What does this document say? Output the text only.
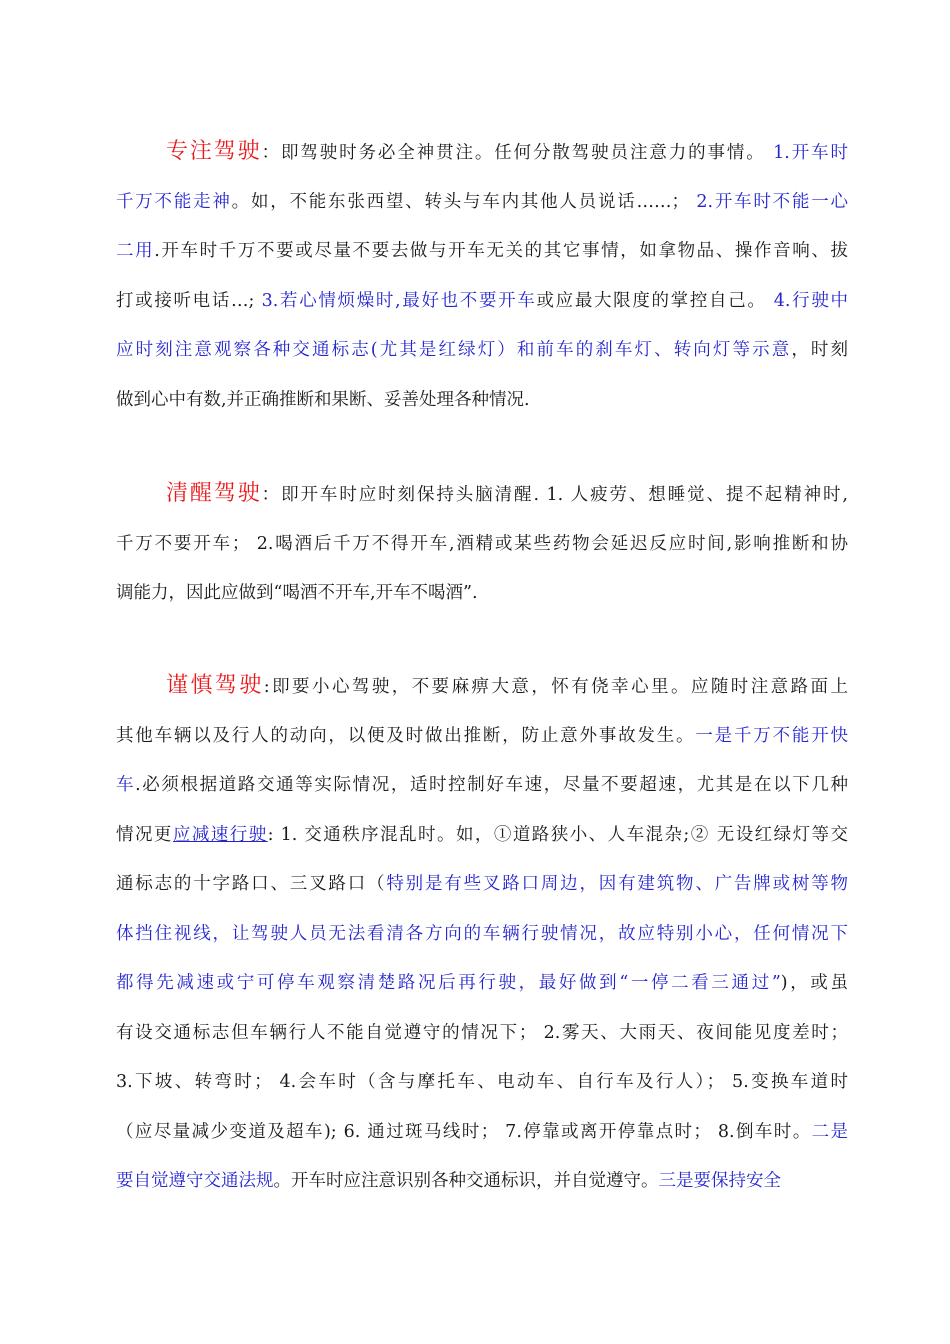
专注驾驶：即驾驶时务必全神贯注。任何分散驾驶员注意力的事情。 1.开车时
千万不能走神。如，不能东张西望、转头与车内其他人员说话……； 2.开车时不能一心
二用.开车时千万不要或尽量不要去做与开车无关的其它事情，如拿物品、操作音响、拔
打或接听电话…; 3.若心情烦燥时,最好也不要开车或应最大限度的掌控自己。 4.行驶中
应时刻注意观察各种交通标志(尤其是红绿灯）和前车的刹车灯、转向灯等示意，时刻
做到心中有数,并正确推断和果断、妥善处理各种情况.
清醒驾驶：即开车时应时刻保持头脑清醒. 1. 人疲劳、想睡觉、提不起精神时,
千万不要开车； 2.喝酒后千万不得开车,酒精或某些药物会延迟反应时间,影响推断和协
调能力，因此应做到“喝酒不开车,开车不喝酒”.
谨慎驾驶:即要小心驾驶，不要麻痹大意，怀有侥幸心里。应随时注意路面上
其他车辆以及行人的动向，以便及时做出推断，防止意外事故发生。一是千万不能开快
车.必须根据道路交通等实际情况，适时控制好车速，尽量不要超速，尤其是在以下几种
情况更应减速行驶: 1. 交通秩序混乱时。如，①道路狭小、人车混杂;② 无设红绿灯等交
通标志的十字路口、三叉路口（特别是有些叉路口周边，因有建筑物、广告牌或树等物
体挡住视线，让驾驶人员无法看清各方向的车辆行驶情况，故应特别小心，任何情况下
都得先减速或宁可停车观察清楚路况后再行驶，最好做到“一停二看三通过”)，或虽
有设交通标志但车辆行人不能自觉遵守的情况下； 2.雾天、大雨天、夜间能见度差时；
3.下坡、转弯时； 4.会车时（含与摩托车、电动车、自行车及行人）； 5.变换车道时
（应尽量减少变道及超车); 6. 通过斑马线时； 7.停靠或离开停靠点时； 8.倒车时。二是
要自觉遵守交通法规。开车时应注意识别各种交通标识，并自觉遵守。三是要保持安全
